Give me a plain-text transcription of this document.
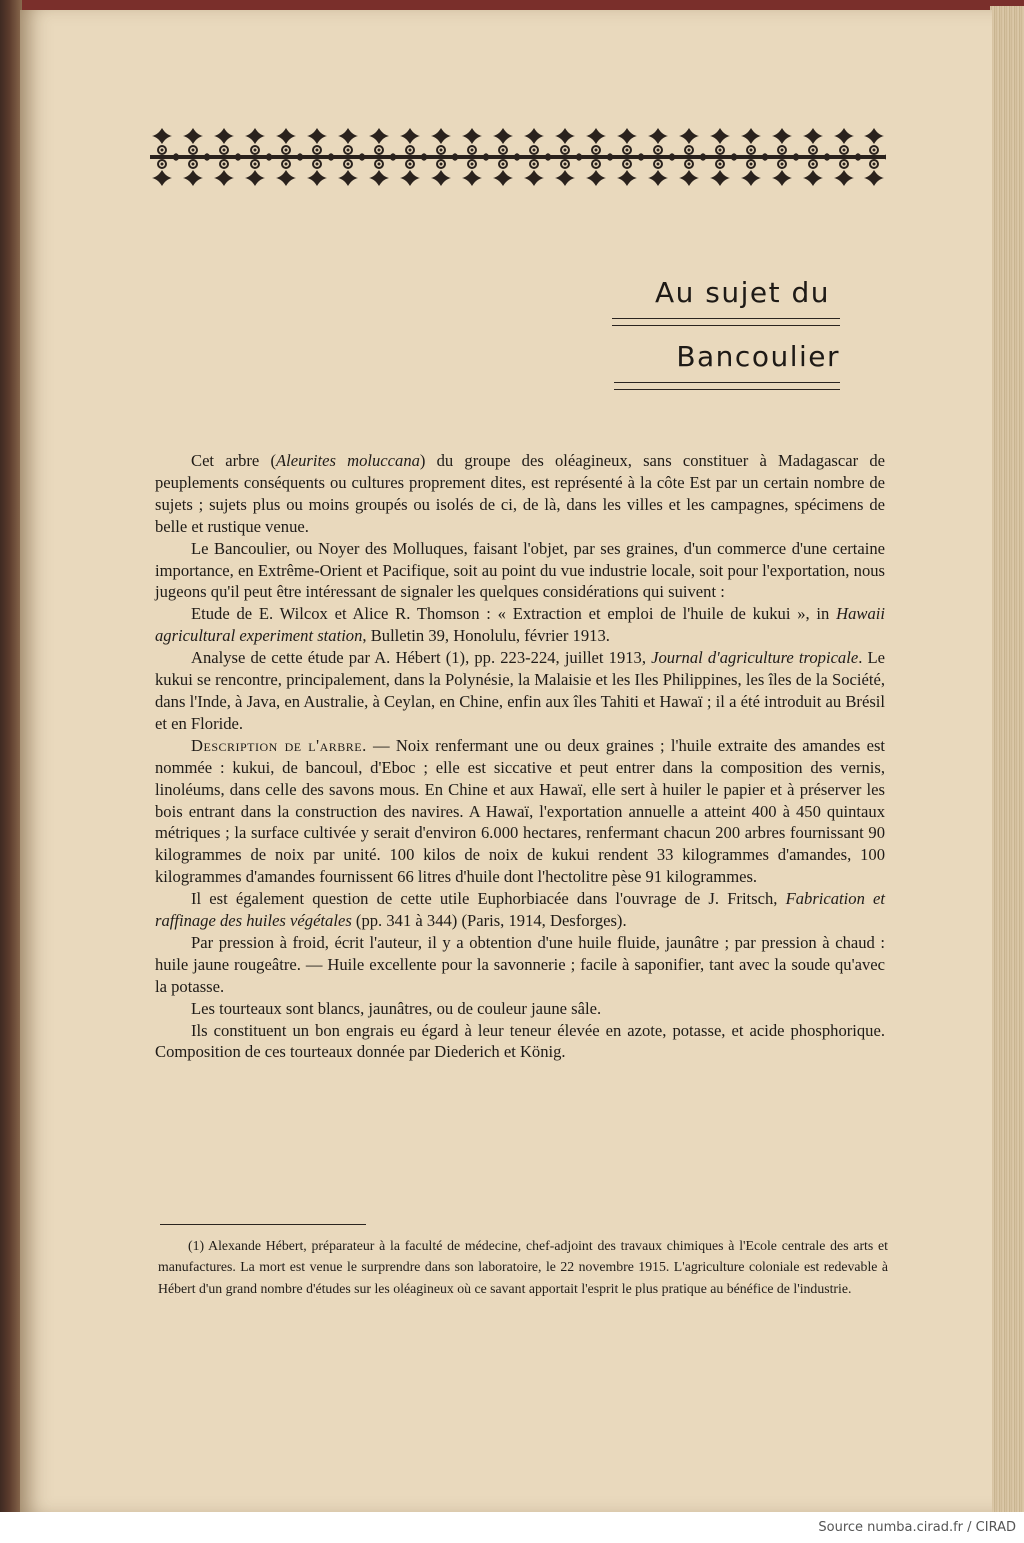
Au sujet du
Bancoulier

Cet arbre (Aleurites moluccana) du groupe des oléagineux, sans constituer à Madagascar de peuplements conséquents ou cultures proprement dites, est représenté à la côte Est par un certain nombre de sujets ; sujets plus ou moins groupés ou isolés de ci, de là, dans les villes et les campagnes, spécimens de belle et rustique venue.

Le Bancoulier, ou Noyer des Molluques, faisant l'objet, par ses graines, d'un commerce d'une certaine importance, en Extrême-Orient et Pacifique, soit au point du vue industrie locale, soit pour l'exportation, nous jugeons qu'il peut être intéressant de signaler les quelques considérations qui suivent :

Etude de E. Wilcox et Alice R. Thomson : « Extraction et emploi de l'huile de kukui », in Hawaii agricultural experiment station, Bulletin 39, Honolulu, février 1913.

Analyse de cette étude par A. Hébert (1), pp. 223-224, juillet 1913, Journal d'agriculture tropicale. Le kukui se rencontre, principalement, dans la Polynésie, la Malaisie et les Iles Philippines, les îles de la Société, dans l'Inde, à Java, en Australie, à Ceylan, en Chine, enfin aux îles Tahiti et Hawaï ; il a été introduit au Brésil et en Floride.

Description de l'arbre. — Noix renfermant une ou deux graines ; l'huile extraite des amandes est nommée : kukui, de bancoul, d'Eboc ; elle est siccative et peut entrer dans la composition des vernis, linoléums, dans celle des savons mous. En Chine et aux Hawaï, elle sert à huiler le papier et à préserver les bois entrant dans la construction des navires. A Hawaï, l'exportation annuelle a atteint 400 à 450 quintaux métriques ; la surface cultivée y serait d'environ 6.000 hectares, renfermant chacun 200 arbres fournissant 90 kilogrammes de noix par unité. 100 kilos de noix de kukui rendent 33 kilogrammes d'amandes, 100 kilogrammes d'amandes fournissent 66 litres d'huile dont l'hectolitre pèse 91 kilogrammes.

Il est également question de cette utile Euphorbiacée dans l'ouvrage de J. Fritsch, Fabrication et raffinage des huiles végétales (pp. 341 à 344) (Paris, 1914, Desforges).

Par pression à froid, écrit l'auteur, il y a obtention d'une huile fluide, jaunâtre ; par pression à chaud : huile jaune rougeâtre. — Huile excellente pour la savonnerie ; facile à saponifier, tant avec la soude qu'avec la potasse.

Les tourteaux sont blancs, jaunâtres, ou de couleur jaune sâle.

Ils constituent un bon engrais eu égard à leur teneur élevée en azote, potasse, et acide phosphorique. Composition de ces tourteaux donnée par Diederich et König.

(1) Alexande Hébert, préparateur à la faculté de médecine, chef-adjoint des travaux chimiques à l'Ecole centrale des arts et manufactures. La mort est venue le surprendre dans son laboratoire, le 22 novembre 1915. L'agriculture coloniale est redevable à Hébert d'un grand nombre d'études sur les oléagineux où ce savant apportait l'esprit le plus pratique au bénéfice de l'industrie.

Source numba.cirad.fr / CIRAD
